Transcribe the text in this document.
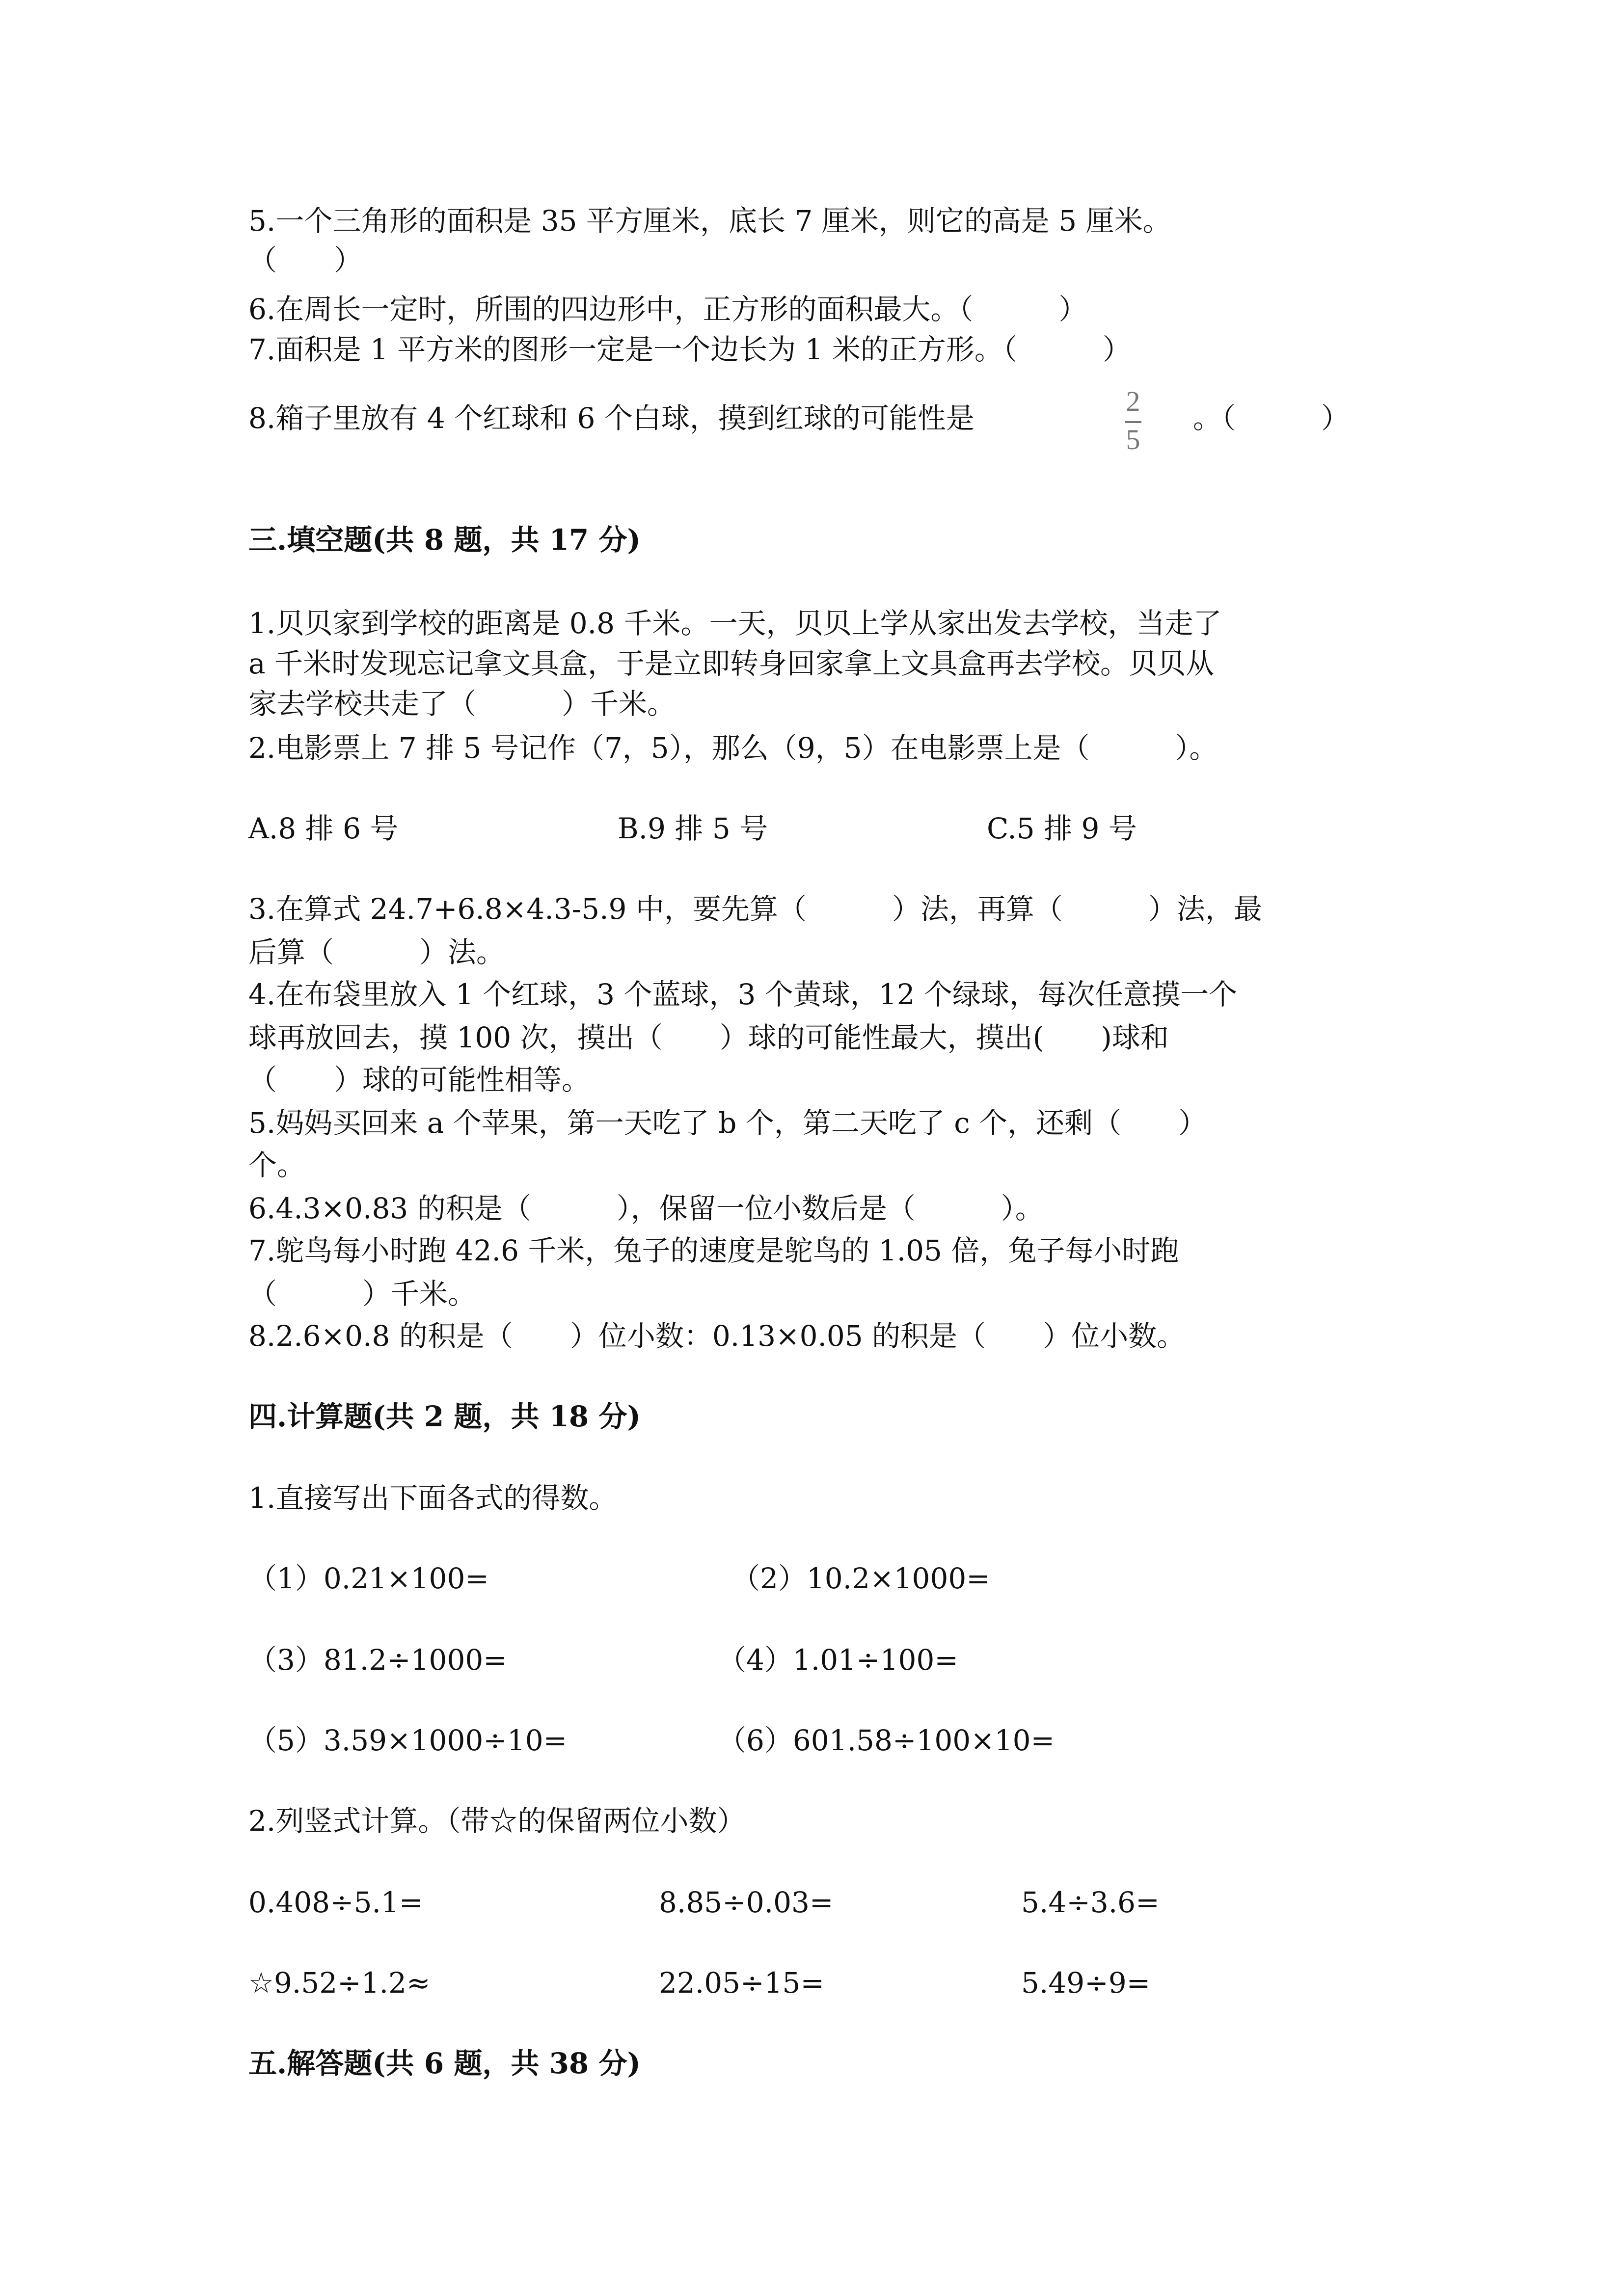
5.一个三角形的面积是 35 平方厘米，底长 7 厘米，则它的高是 5 厘米。
（　　）
6.在周长一定时，所围的四边形中，正方形的面积最大。（　　　）
7.面积是 1 平方米的图形一定是一个边长为 1 米的正方形。（　　　）
8.箱子里放有 4 个红球和 6 个白球，摸到红球的可能性是
2
5
。（　　　）
三.填空题(共 8 题，共 17 分)
1.贝贝家到学校的距离是 0.8 千米。一天，贝贝上学从家出发去学校，当走了
a 千米时发现忘记拿文具盒，于是立即转身回家拿上文具盒再去学校。贝贝从
家去学校共走了（　　　）千米。
2.电影票上 7 排 5 号记作（7，5），那么（9，5）在电影票上是（　　　）。
A.8 排 6 号	B.9 排 5 号	C.5 排 9 号
3.在算式 24.7+6.8×4.3-5.9 中，要先算（　　　）法，再算（　　　）法，最
后算（　　　）法。
4.在布袋里放入 1 个红球，3 个蓝球，3 个黄球，12 个绿球，每次任意摸一个
球再放回去，摸 100 次，摸出（　　）球的可能性最大，摸出(　　)球和
（　　）球的可能性相等。
5.妈妈买回来 a 个苹果，第一天吃了 b 个，第二天吃了 c 个，还剩（　　）
个。
6.4.3×0.83 的积是（　　　），保留一位小数后是（　　　）。
7.鸵鸟每小时跑 42.6 千米，兔子的速度是鸵鸟的 1.05 倍，兔子每小时跑
（　　　）千米。
8.2.6×0.8 的积是（　　）位小数：0.13×0.05 的积是（　　）位小数。
四.计算题(共 2 题，共 18 分)
1.直接写出下面各式的得数。
（1）0.21×100=	（2）10.2×1000=
（3）81.2÷1000=	（4）1.01÷100=
（5）3.59×1000÷10=	（6）601.58÷100×10=
2.列竖式计算。（带☆的保留两位小数）
0.408÷5.1=	8.85÷0.03=	5.4÷3.6=
☆9.52÷1.2≈	22.05÷15=	5.49÷9=
五.解答题(共 6 题，共 38 分)
